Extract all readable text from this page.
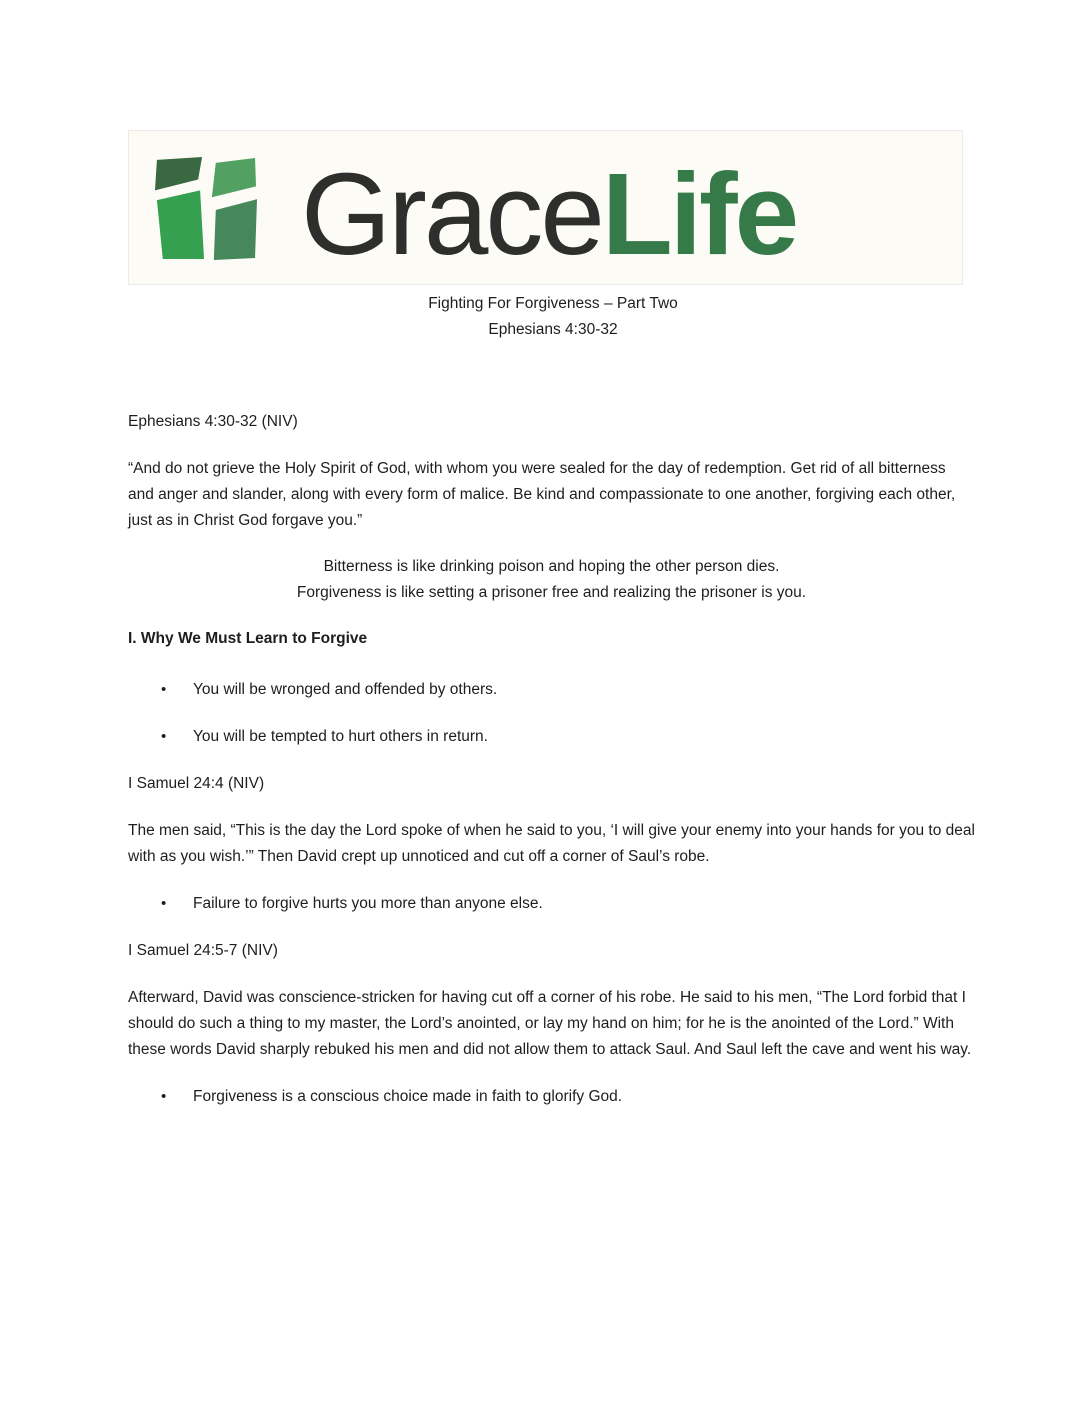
GraceLife
Fighting For Forgiveness – Part Two
Ephesians 4:30-32
Ephesians 4:30-32 (NIV)
“And do not grieve the Holy Spirit of God, with whom you were sealed for the day of redemption. Get rid of all bitterness and anger and slander, along with every form of malice. Be kind and compassionate to one another, forgiving each other, just as in Christ God forgave you.”
Bitterness is like drinking poison and hoping the other person dies.
Forgiveness is like setting a prisoner free and realizing the prisoner is you.
I. Why We Must Learn to Forgive
• You will be wronged and offended by others.
• You will be tempted to hurt others in return.
I Samuel 24:4 (NIV)
The men said, “This is the day the Lord spoke of when he said to you, ‘I will give your enemy into your hands for you to deal with as you wish.’” Then David crept up unnoticed and cut off a corner of Saul’s robe.
• Failure to forgive hurts you more than anyone else.
I Samuel 24:5-7 (NIV)
Afterward, David was conscience-stricken for having cut off a corner of his robe. He said to his men, “The Lord forbid that I should do such a thing to my master, the Lord’s anointed, or lay my hand on him; for he is the anointed of the Lord.” With these words David sharply rebuked his men and did not allow them to attack Saul. And Saul left the cave and went his way.
• Forgiveness is a conscious choice made in faith to glorify God.
